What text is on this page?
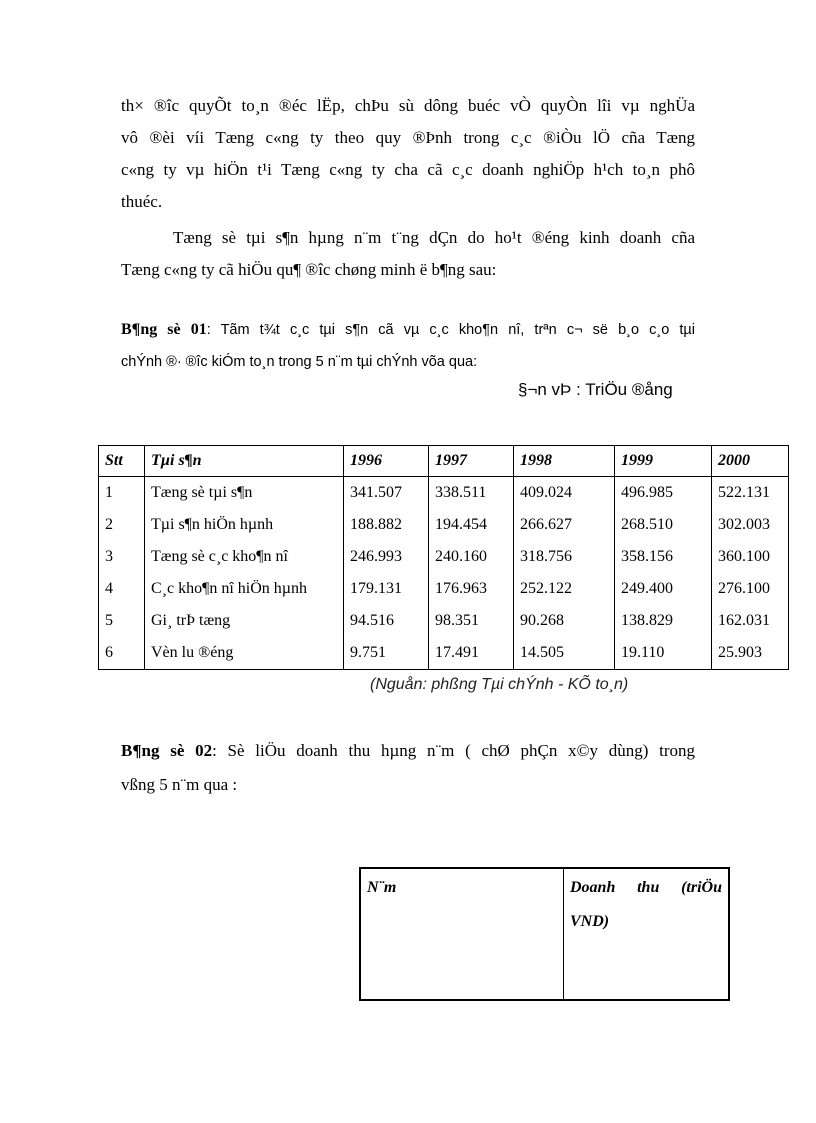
th× ®îc quyÕt to¸n ®éc lËp, chÞu sù dông buéc vÒ quyÒn lîi vµ nghÜa
vô ®èi víi Tæng c«ng ty theo quy ®Þnh trong c¸c ®iÒu lÖ cña Tæng
c«ng ty vµ hiÖn t¹i Tæng c«ng ty cha cã c¸c doanh nghiÖp h¹ch to¸n phô
thuéc.
Tæng sè tµi s¶n hµng n¨m t¨ng dÇn do ho¹t ®éng kinh doanh cña
Tæng c«ng ty cã hiÖu qu¶ ®îc chøng minh ë b¶ng sau:
B¶ng sè 01: Tãm t¾t c¸c tµi s¶n cã vµ c¸c kho¶n nî, trªn c¬ së b¸o c¸o tµi
chÝnh ®· ®îc kiÓm to¸n trong 5 n¨m tµi chÝnh võa qua:
§¬n vÞ : TriÖu ®ång
Stt	Tµi s¶n	1996	1997	1998	1999	2000
1	Tæng sè tµi s¶n	341.507	338.511	409.024	496.985	522.131
2	Tµi s¶n hiÖn hµnh	188.882	194.454	266.627	268.510	302.003
3	Tæng sè c¸c kho¶n nî	246.993	240.160	318.756	358.156	360.100
4	C¸c kho¶n nî hiÖn hµnh	179.131	176.963	252.122	249.400	276.100
5	Gi¸ trÞ tæng	94.516	98.351	90.268	138.829	162.031
6	Vèn lu ®éng	9.751	17.491	14.505	19.110	25.903
(Nguån: phßng Tµi chÝnh - KÕ to¸n)
B¶ng sè 02: Sè liÖu doanh thu hµng n¨m ( chØ phÇn x©y dùng) trong
vßng 5 n¨m qua :
N¨m	Doanh thu (triÖu VND)
